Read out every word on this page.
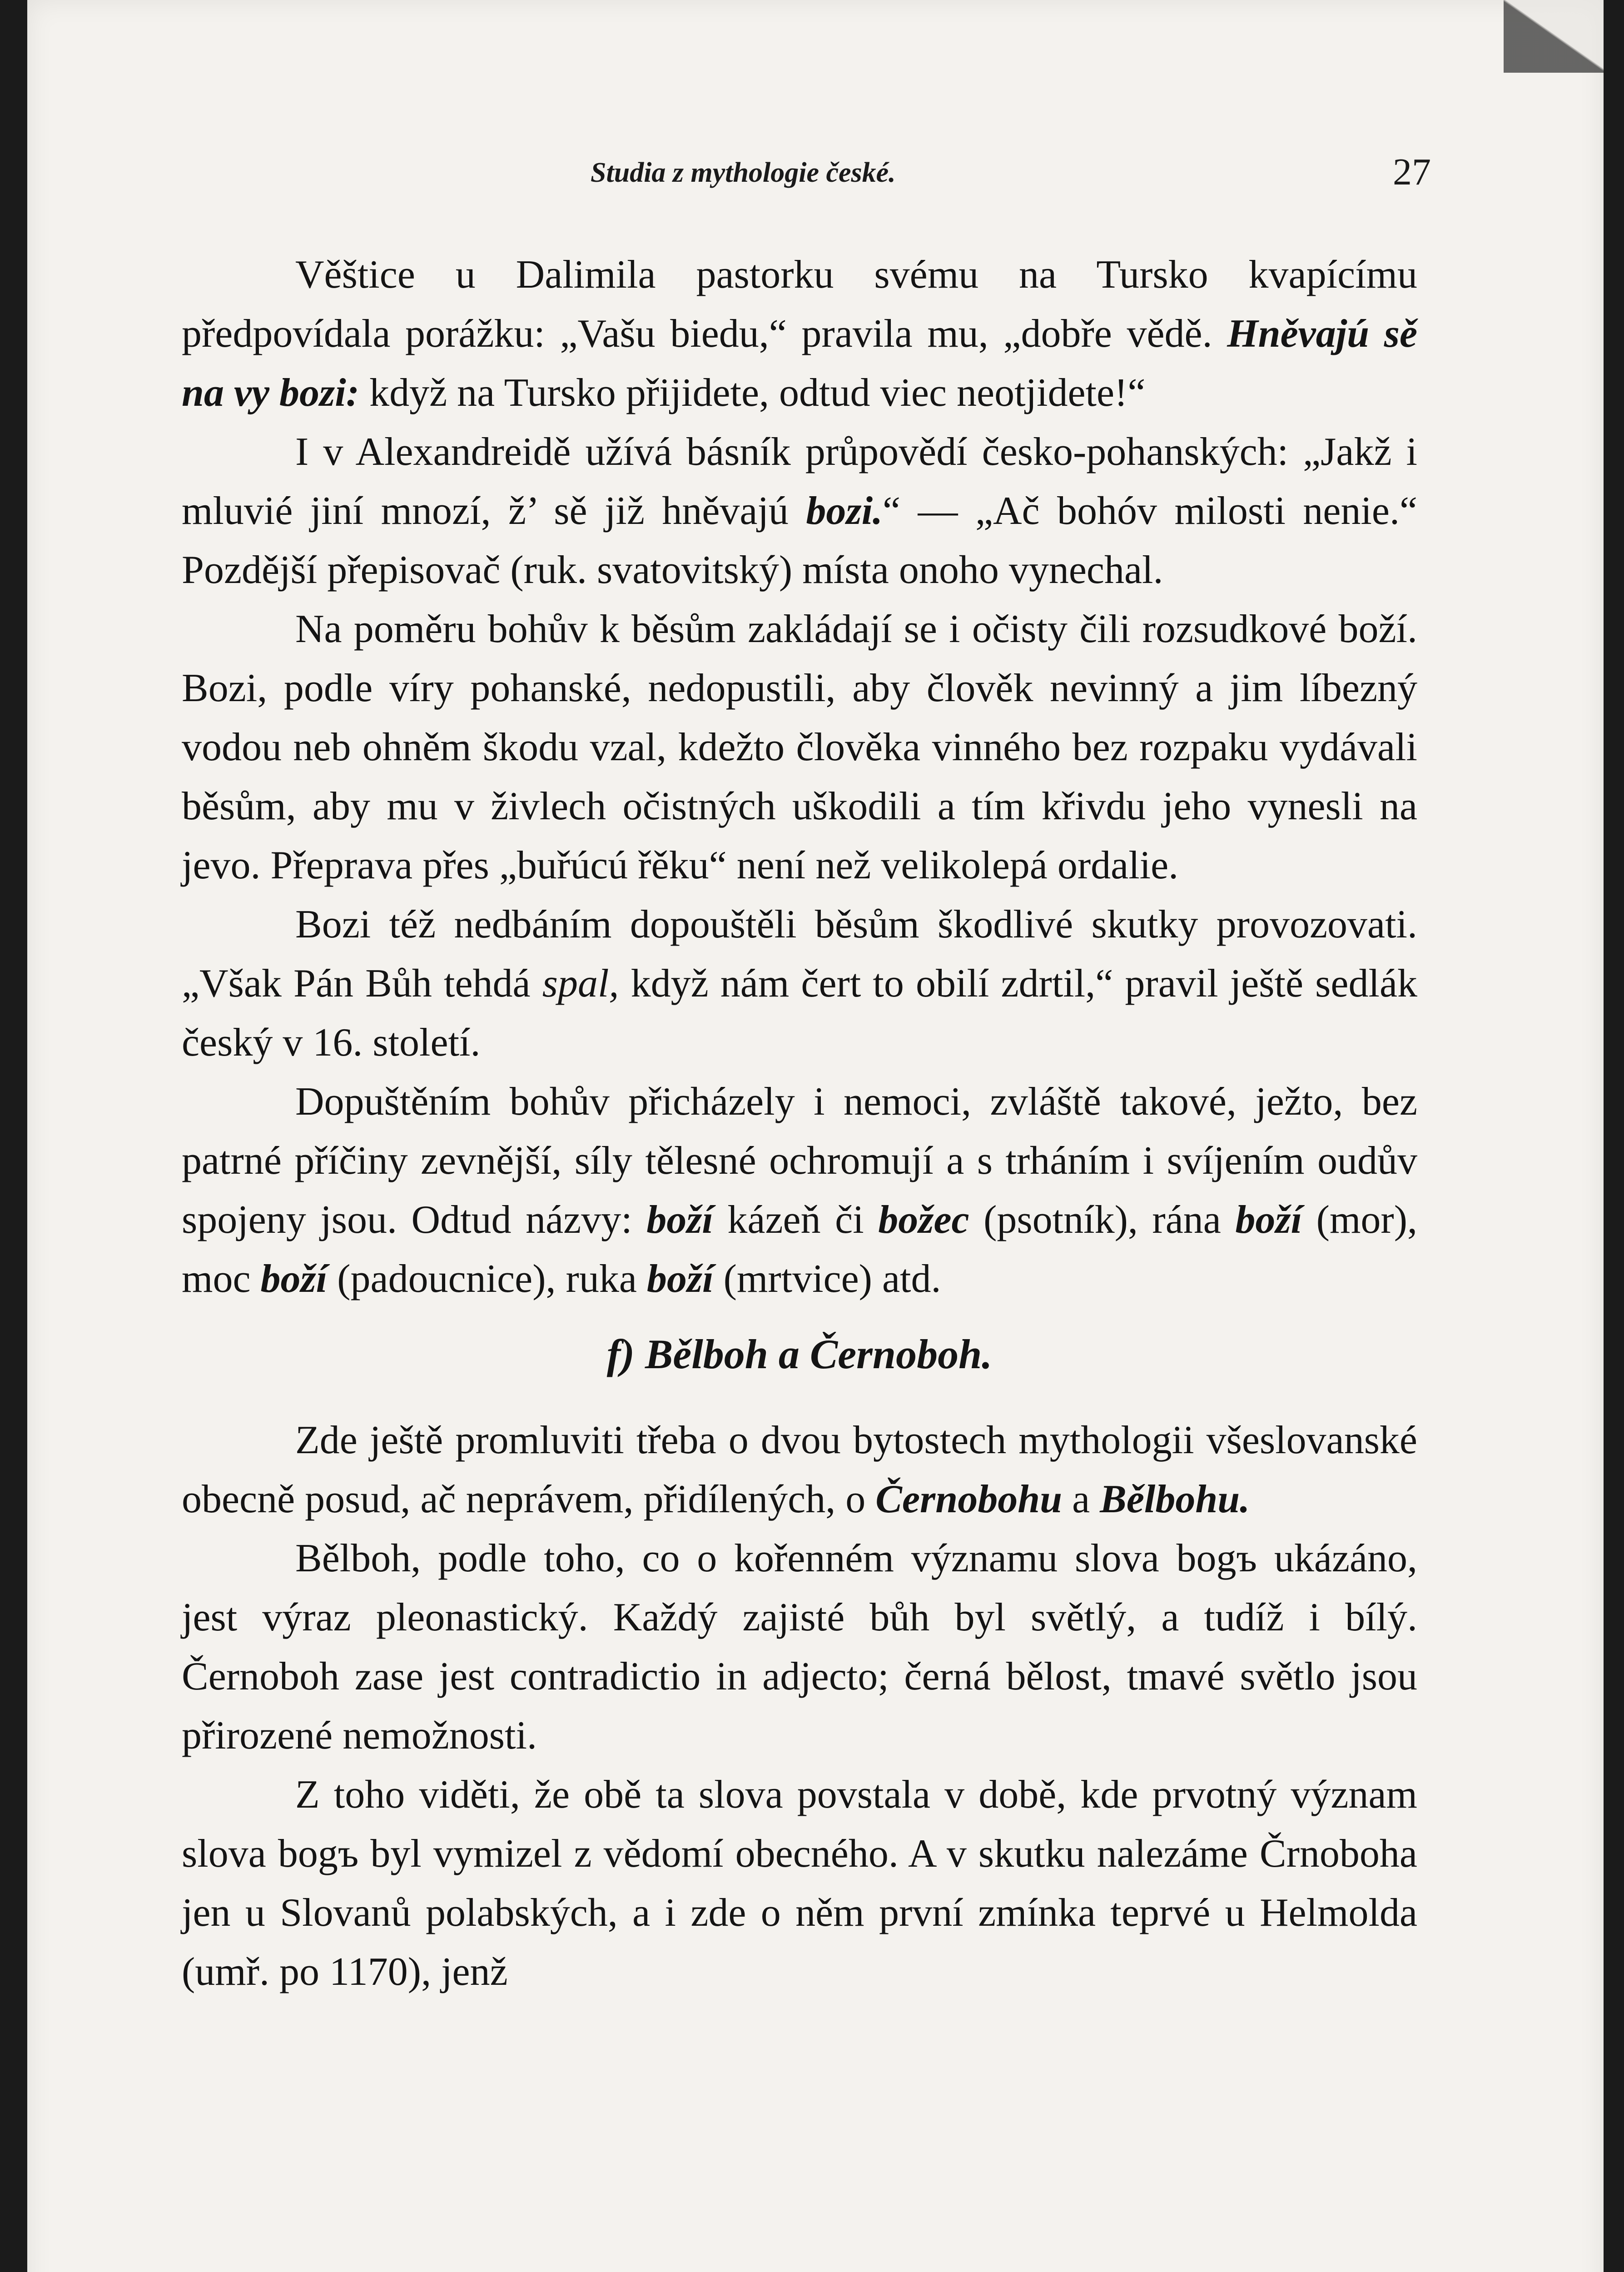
Studia z mythologie české.	27

Věštice u Dalimila pastorku svému na Tursko kvapícímu předpovídala porážku: „Vašu biedu,“ pravila mu, „dobře vědě. Hněvajú sě na vy bozi: když na Tursko přijidete, odtud viec neotjidete!“

I v Alexandreidě užívá básník průpovědí česko-pohanských: „Jakž i mluvié jiní mnozí, ž’ sě již hněvajú bozi.“ — „Ač bohóv milosti nenie.“ Pozdější přepisovač (ruk. svatovitský) místa onoho vynechal.

Na poměru bohův k běsům zakládají se i očisty čili rozsudkové boží. Bozi, podle víry pohanské, nedopustili, aby člověk nevinný a jim líbezný vodou neb ohněm škodu vzal, kdežto člověka vinného bez rozpaku vydávali běsům, aby mu v živlech očistných uškodili a tím křivdu jeho vynesli na jevo. Přeprava přes „buřúcú řěku“ není než velikolepá ordalie.

Bozi též nedbáním dopouštěli běsům škodlivé skutky provozovati. „Však Pán Bůh tehdá spal, když nám čert to obilí zdrtil,“ pravil ještě sedlák český v 16. století.

Dopuštěním bohův přicházely i nemoci, zvláště takové, ježto, bez patrné příčiny zevnější, síly tělesné ochromují a s trháním i svíjením oudův spojeny jsou. Odtud názvy: boží kázeň či božec (psotník), rána boží (mor), moc boží (padoucnice), ruka boží (mrtvice) atd.

f) Bělboh a Černoboh.

Zde ještě promluviti třeba o dvou bytostech mythologii všeslovanské obecně posud, ač neprávem, přidílených, o Černobohu a Bělbohu.

Bělboh, podle toho, co o kořenném významu slova bogъ ukázáno, jest výraz pleonastický. Každý zajisté bůh byl světlý, a tudíž i bílý. Černoboh zase jest contradictio in adjecto; černá bělost, tmavé světlo jsou přirozené nemožnosti.

Z toho viděti, že obě ta slova povstala v době, kde prvotný význam slova bogъ byl vymizel z vědomí obecného. A v skutku nalezáme Črnoboha jen u Slovanů polabských, a i zde o něm první zmínka teprvé u Helmolda (umř. po 1170), jenž
